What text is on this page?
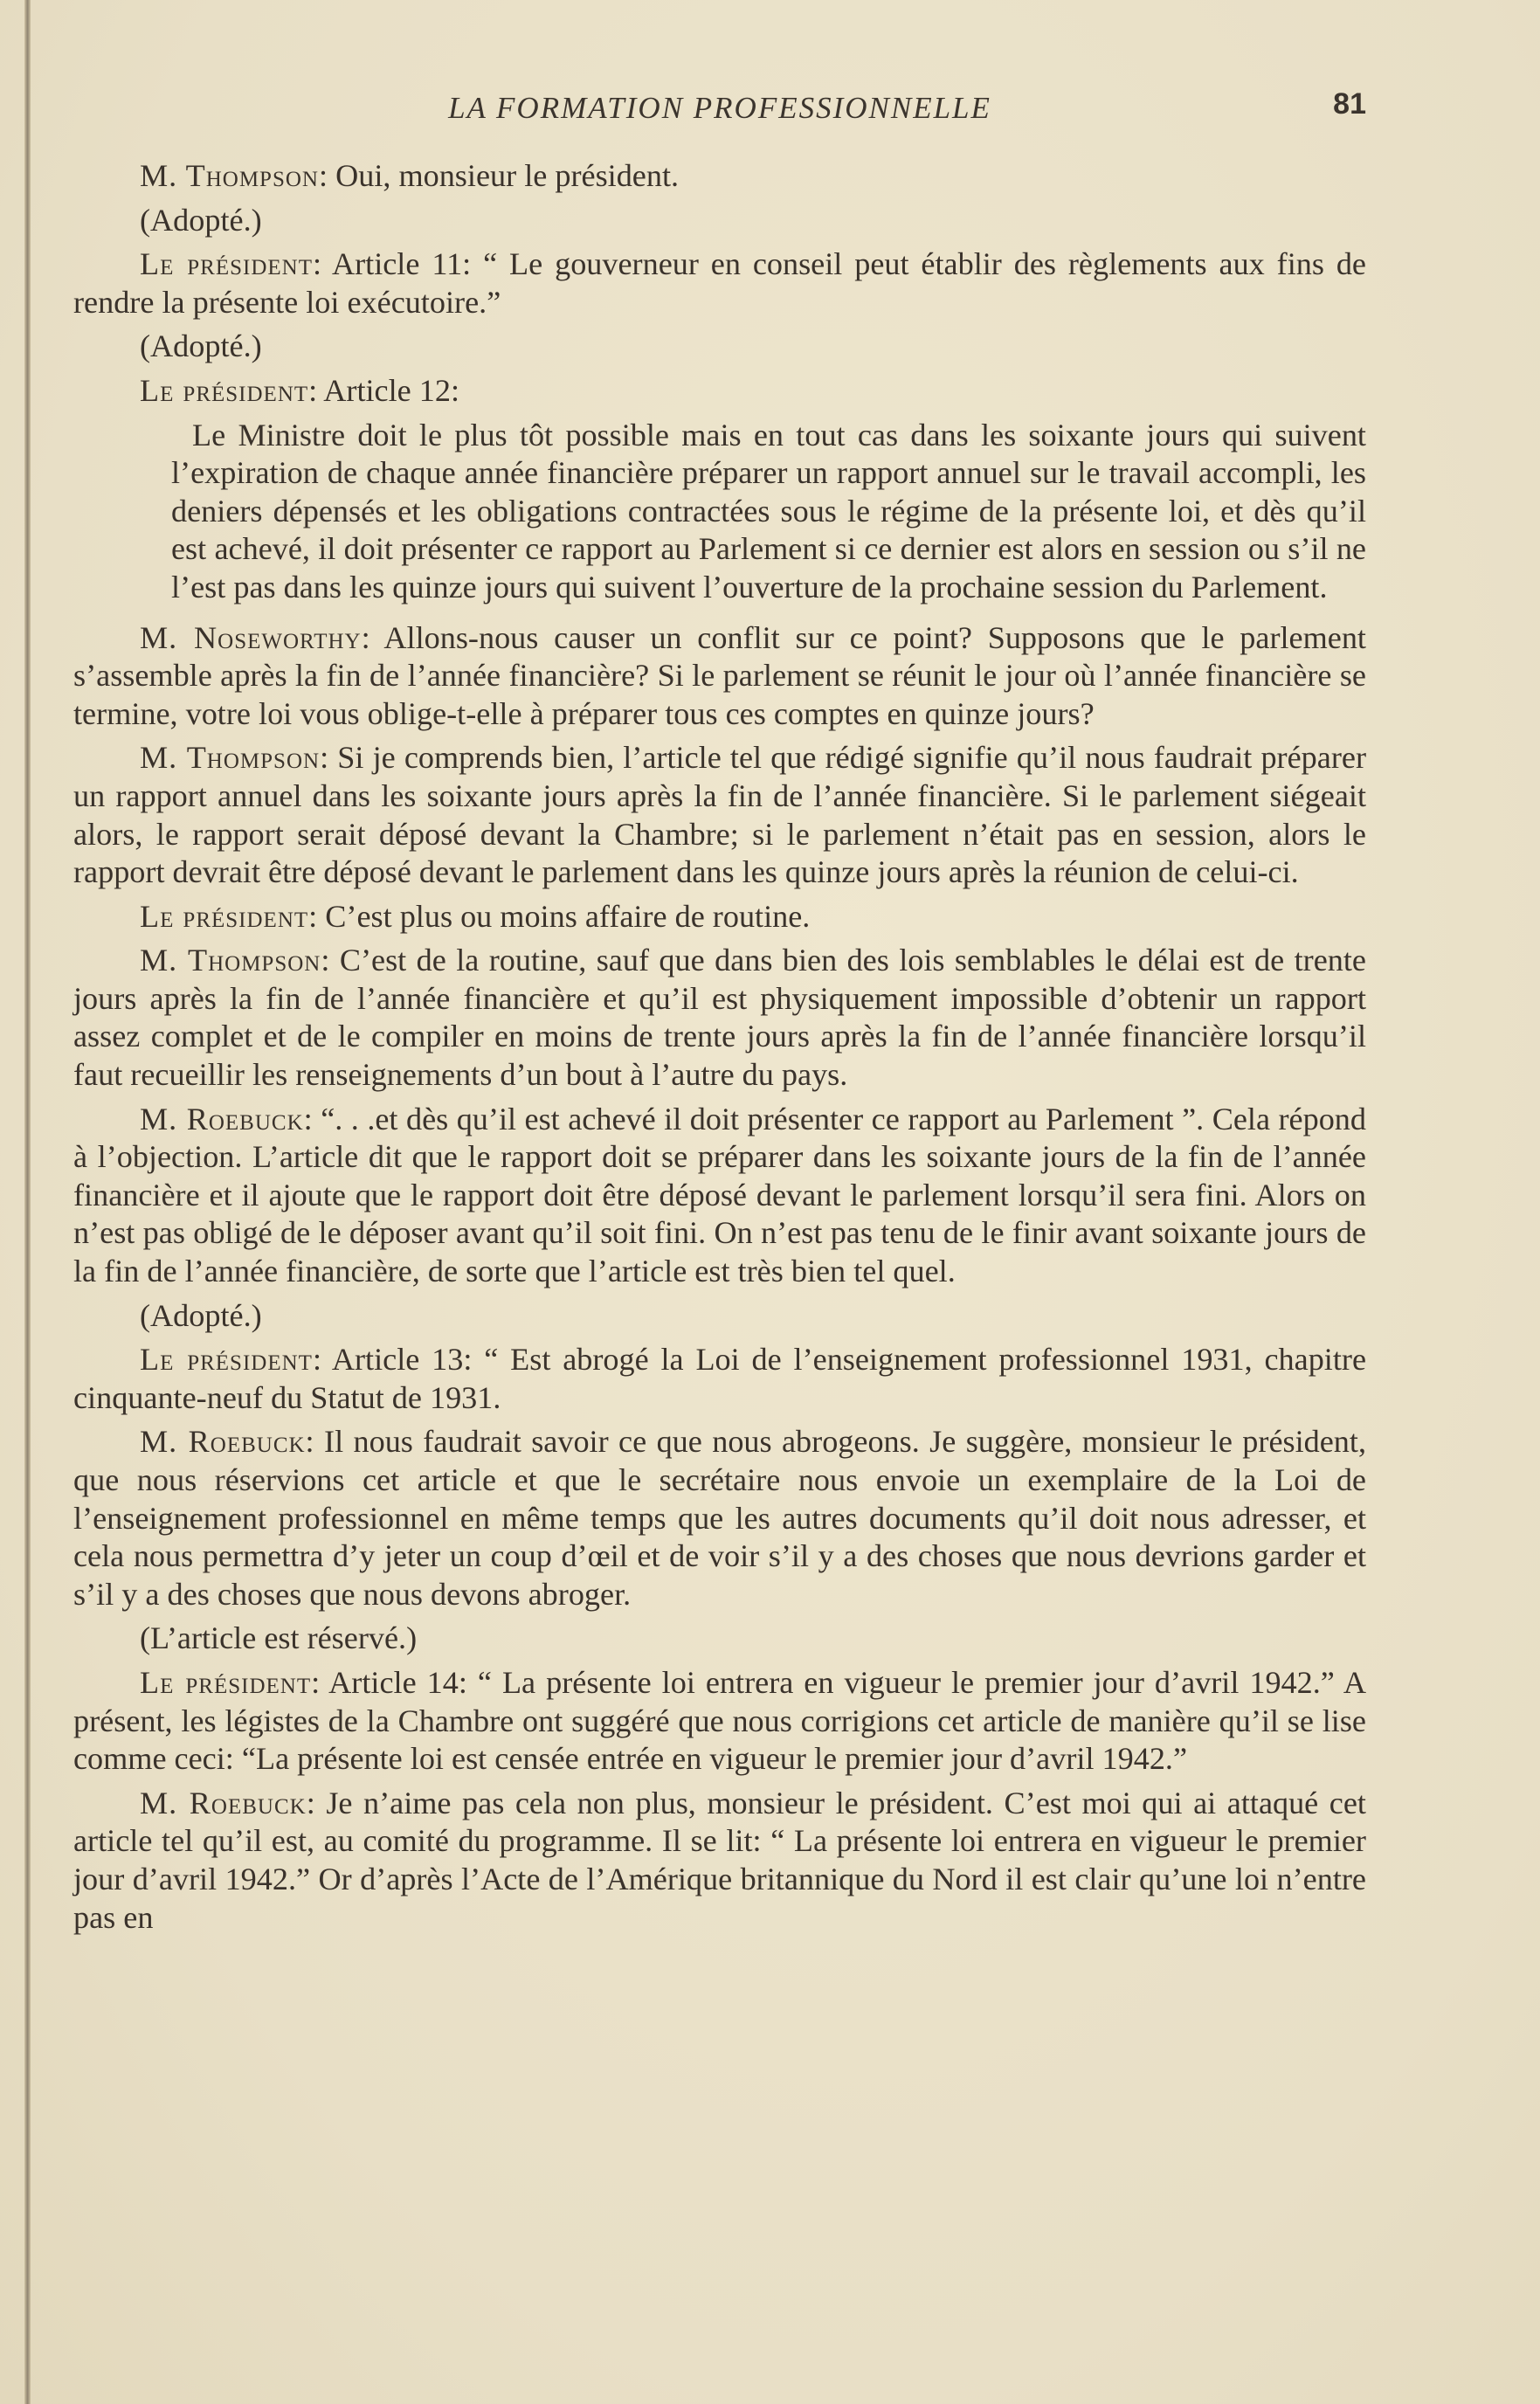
LA FORMATION PROFESSIONNELLE	81

M. Thompson: Oui, monsieur le président.

(Adopté.)

Le président: Article 11: “ Le gouverneur en conseil peut établir des règlements aux fins de rendre la présente loi exécutoire.”

(Adopté.)

Le président: Article 12:

Le Ministre doit le plus tôt possible mais en tout cas dans les soixante jours qui suivent l’expiration de chaque année financière préparer un rapport annuel sur le travail accompli, les deniers dépensés et les obligations contractées sous le régime de la présente loi, et dès qu’il est achevé, il doit présenter ce rapport au Parlement si ce dernier est alors en session ou s’il ne l’est pas dans les quinze jours qui suivent l’ouverture de la prochaine session du Parlement.

M. Noseworthy: Allons-nous causer un conflit sur ce point? Supposons que le parlement s’assemble après la fin de l’année financière? Si le parlement se réunit le jour où l’année financière se termine, votre loi vous oblige-t-elle à préparer tous ces comptes en quinze jours?

M. Thompson: Si je comprends bien, l’article tel que rédigé signifie qu’il nous faudrait préparer un rapport annuel dans les soixante jours après la fin de l’année financière. Si le parlement siégeait alors, le rapport serait déposé devant la Chambre; si le parlement n’était pas en session, alors le rapport devrait être déposé devant le parlement dans les quinze jours après la réunion de celui-ci.

Le président: C’est plus ou moins affaire de routine.

M. Thompson: C’est de la routine, sauf que dans bien des lois semblables le délai est de trente jours après la fin de l’année financière et qu’il est physiquement impossible d’obtenir un rapport assez complet et de le compiler en moins de trente jours après la fin de l’année financière lorsqu’il faut recueillir les renseignements d’un bout à l’autre du pays.

M. Roebuck: “. . .et dès qu’il est achevé il doit présenter ce rapport au Parlement ”. Cela répond à l’objection. L’article dit que le rapport doit se préparer dans les soixante jours de la fin de l’année financière et il ajoute que le rapport doit être déposé devant le parlement lorsqu’il sera fini. Alors on n’est pas obligé de le déposer avant qu’il soit fini. On n’est pas tenu de le finir avant soixante jours de la fin de l’année financière, de sorte que l’article est très bien tel quel.

(Adopté.)

Le président: Article 13: “ Est abrogé la Loi de l’enseignement professionnel 1931, chapitre cinquante-neuf du Statut de 1931.

M. Roebuck: Il nous faudrait savoir ce que nous abrogeons. Je suggère, monsieur le président, que nous réservions cet article et que le secrétaire nous envoie un exemplaire de la Loi de l’enseignement professionnel en même temps que les autres documents qu’il doit nous adresser, et cela nous permettra d’y jeter un coup d’œil et de voir s’il y a des choses que nous devrions garder et s’il y a des choses que nous devons abroger.

(L’article est réservé.)

Le président: Article 14: “ La présente loi entrera en vigueur le premier jour d’avril 1942.” A présent, les légistes de la Chambre ont suggéré que nous corrigions cet article de manière qu’il se lise comme ceci: “La présente loi est censée entrée en vigueur le premier jour d’avril 1942.”

M. Roebuck: Je n’aime pas cela non plus, monsieur le président. C’est moi qui ai attaqué cet article tel qu’il est, au comité du programme. Il se lit: “ La présente loi entrera en vigueur le premier jour d’avril 1942.” Or d’après l’Acte de l’Amérique britannique du Nord il est clair qu’une loi n’entre pas en
